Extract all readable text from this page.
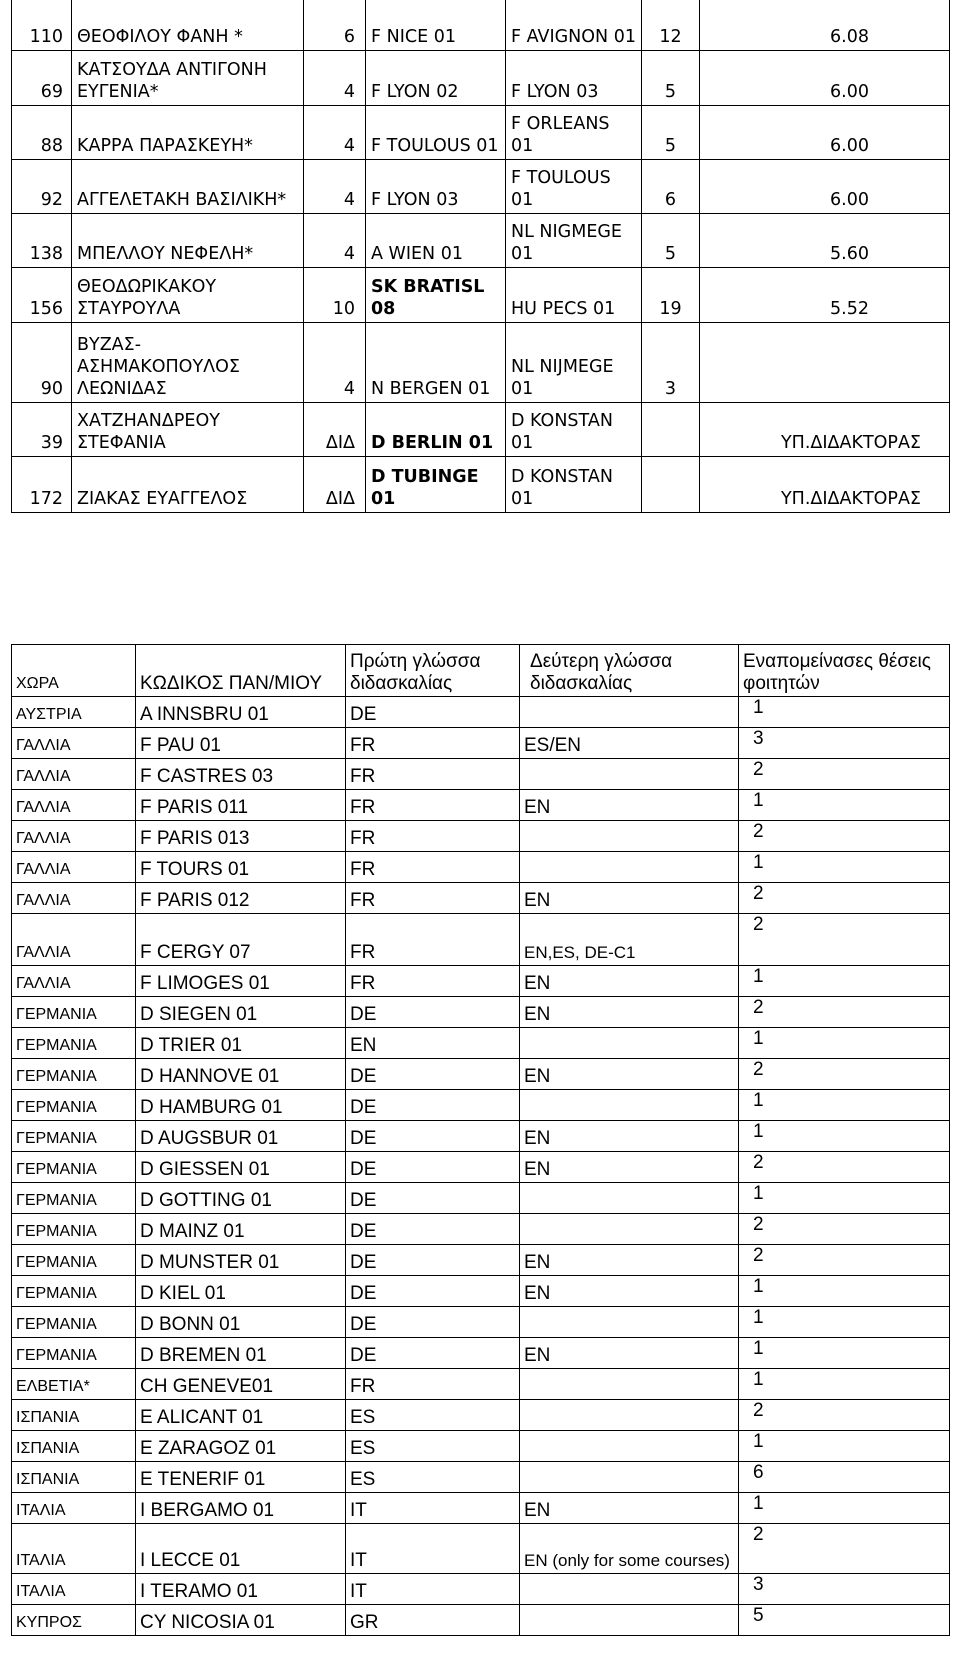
110	ΘΕΟΦΙΛΟΥ ΦΑΝΗ *	6	F NICE 01	F AVIGNON 01	12	6.08
69	ΚΑΤΣΟΥΔΑ ΑΝΤΙΓΟΝΗ ΕΥΓΕΝΙΑ*	4	F LYON 02	F LYON 03	5	6.00
88	ΚΑΡΡΑ ΠΑΡΑΣΚΕΥΗ*	4	F TOULOUS 01	F ORLEANS 01	5	6.00
92	ΑΓΓΕΛΕΤΑΚΗ ΒΑΣΙΛΙΚΗ*	4	F LYON 03	F TOULOUS 01	6	6.00
138	ΜΠΕΛΛΟΥ ΝΕΦΕΛΗ*	4	A WIEN 01	NL NIGMEGE 01	5	5.60
156	ΘΕΟΔΩΡΙΚΑΚΟΥ ΣΤΑΥΡΟΥΛΑ	10	SK BRATISL 08	HU PECS 01	19	5.52
90	ΒΥΖΑΣ-ΑΣΗΜΑΚΟΠΟΥΛΟΣ ΛΕΩΝΙΔΑΣ	4	N BERGEN 01	NL NIJMEGE 01	3	
39	ΧΑΤΖΗΑΝΔΡΕΟΥ ΣΤΕΦΑΝΙΑ	ΔΙΔ	D BERLIN 01	D KONSTAN 01		ΥΠ.ΔΙΔΑΚΤΟΡΑΣ
172	ΖΙΑΚΑΣ ΕΥΑΓΓΕΛΟΣ	ΔΙΔ	D TUBINGE 01	D KONSTAN 01		ΥΠ.ΔΙΔΑΚΤΟΡΑΣ
ΧΩΡΑ	ΚΩΔΙΚΟΣ ΠΑΝ/ΜΙΟΥ	Πρώτη γλώσσα διδασκαλίας	Δεύτερη γλώσσα διδασκαλίας	Εναπομείνασες θέσεις φοιτητών
ΑΥΣΤΡΙΑ	A INNSBRU 01	DE		1
ΓΑΛΛΙΑ	F PAU 01	FR	ES/EN	3
ΓΑΛΛΙΑ	F CASTRES 03	FR		2
ΓΑΛΛΙΑ	F PARIS 011	FR	EN	1
ΓΑΛΛΙΑ	F PARIS 013	FR		2
ΓΑΛΛΙΑ	F TOURS 01	FR		1
ΓΑΛΛΙΑ	F PARIS 012	FR	EN	2
ΓΑΛΛΙΑ	F CERGY 07	FR	EN,ES, DE-C1	2
ΓΑΛΛΙΑ	F LIMOGES 01	FR	EN	1
ΓΕΡΜΑΝΙΑ	D SIEGEN 01	DE	EN	2
ΓΕΡΜΑΝΙΑ	D TRIER 01	EN		1
ΓΕΡΜΑΝΙΑ	D HANNOVE 01	DE	EN	2
ΓΕΡΜΑΝΙΑ	D HAMBURG 01	DE		1
ΓΕΡΜΑΝΙΑ	D AUGSBUR 01	DE	EN	1
ΓΕΡΜΑΝΙΑ	D GIESSEN 01	DE	EN	2
ΓΕΡΜΑΝΙΑ	D GOTTING 01	DE		1
ΓΕΡΜΑΝΙΑ	D MAINZ 01	DE		2
ΓΕΡΜΑΝΙΑ	D MUNSTER 01	DE	EN	2
ΓΕΡΜΑΝΙΑ	D KIEL 01	DE	EN	1
ΓΕΡΜΑΝΙΑ	D BONN 01	DE		1
ΓΕΡΜΑΝΙΑ	D BREMEN 01	DE	EN	1
ΕΛΒΕΤΙΑ*	CH GENEVE01	FR		1
ΙΣΠΑΝΙΑ	E ALICANT 01	ES		2
ΙΣΠΑΝΙΑ	E ZARAGOZ 01	ES		1
ΙΣΠΑΝΙΑ	E TENERIF 01	ES		6
ΙΤΑΛΙΑ	I BERGAMO 01	IT	EN	1
ΙΤΑΛΙΑ	I LECCE 01	IT	EN (only for some courses)	2
ΙΤΑΛΙΑ	I TERAMO 01	IT		3
ΚΥΠΡΟΣ	CY NICOSIA 01	GR		5
